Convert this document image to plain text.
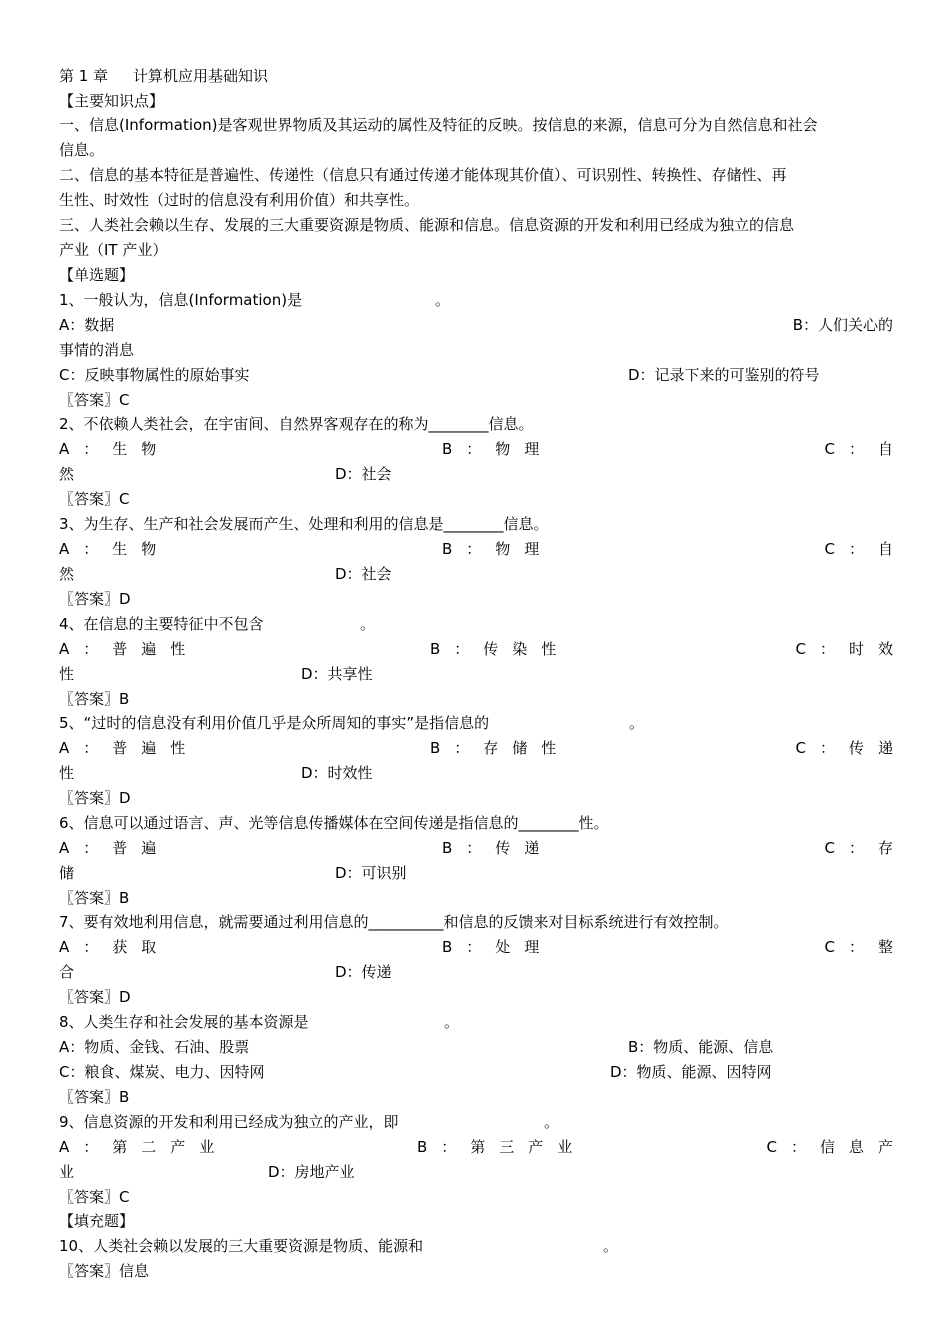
第 1 章 计算机应用基础知识
【主要知识点】
一、信息(Information)是客观世界物质及其运动的属性及特征的反映。按信息的来源，信息可分为自然信息和社会
信息。
二、信息的基本特征是普遍性、传递性（信息只有通过传递才能体现其价值）、可识别性、转换性、存储性、再
生性、时效性（过时的信息没有利用价值）和共享性。
三、人类社会赖以生存、发展的三大重要资源是物质、能源和信息。信息资源的开发和利用已经成为独立的信息
产业（IT 产业）
【单选题】
1、一般认为，信息(Information)是	。
A：数据	B：人们关心的
事情的消息
C：反映事物属性的原始事实	D：记录下来的可鉴别的符号
〖答案〗C
2、不依赖人类社会，在宇宙间、自然界客观存在的称为________信息。
A：生物	B：物理	C：自
然	D：社会
〖答案〗C
3、为生存、生产和社会发展而产生、处理和利用的信息是________信息。
A：生物	B：物理	C：自
然	D：社会
〖答案〗D
4、在信息的主要特征中不包含	。
A：普遍性	B：传染性	C：时效
性	D：共享性
〖答案〗B
5、“过时的信息没有利用价值几乎是众所周知的事实”是指信息的	。
A：普遍性	B：存储性	C：传递
性	D：时效性
〖答案〗D
6、信息可以通过语言、声、光等信息传播媒体在空间传递是指信息的________性。
A：普遍	B：传递	C：存
储	D：可识别
〖答案〗B
7、要有效地利用信息，就需要通过利用信息的__________和信息的反馈来对目标系统进行有效控制。
A：获取	B：处理	C：整
合	D：传递
〖答案〗D
8、人类生存和社会发展的基本资源是	。
A：物质、金钱、石油、股票	B：物质、能源、信息
C：粮食、煤炭、电力、因特网	D：物质、能源、因特网
〖答案〗B
9、信息资源的开发和利用已经成为独立的产业，即	。
A：第二产业	B：第三产业	C：信息产
业	D：房地产业
〖答案〗C
【填充题】
10、人类社会赖以发展的三大重要资源是物质、能源和	。
〖答案〗信息
